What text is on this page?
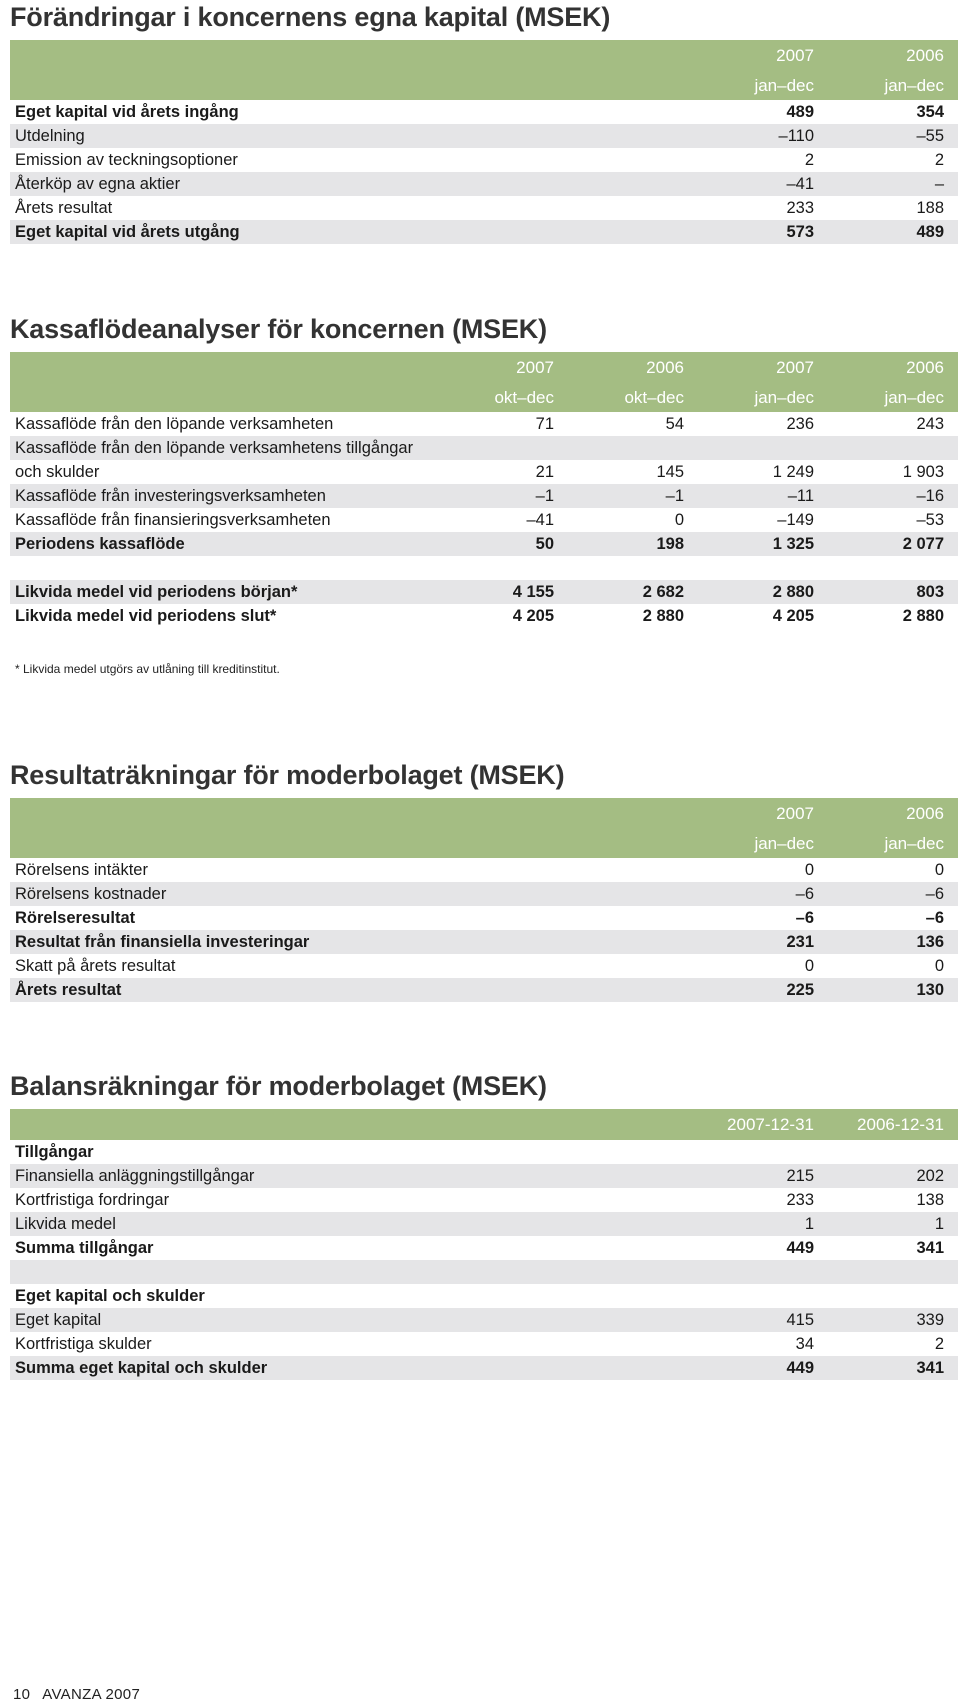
Förändringar i koncernens egna kapital (MSEK)
	2007	2006
	jan–dec	jan–dec
Eget kapital vid årets ingång	489	354
Utdelning	–110	–55
Emission av teckningsoptioner	2	2
Återköp av egna aktier	–41	–
Årets resultat	233	188
Eget kapital vid årets utgång	573	489
Kassaflödeanalyser för koncernen (MSEK)
	2007	2006	2007	2006
	okt–dec	okt–dec	jan–dec	jan–dec
Kassaflöde från den löpande verksamheten	71	54	236	243
Kassaflöde från den löpande verksamhetens tillgångar				
och skulder	21	145	1 249	1 903
Kassaflöde från investeringsverksamheten	–1	–1	–11	–16
Kassaflöde från finansieringsverksamheten	–41	0	–149	–53
Periodens kassaflöde	50	198	1 325	2 077

Likvida medel vid periodens början*	4 155	2 682	2 880	803
Likvida medel vid periodens slut*	4 205	2 880	4 205	2 880
* Likvida medel utgörs av utlåning till kreditinstitut.
Resultaträkningar för moderbolaget (MSEK)
	2007	2006
	jan–dec	jan–dec
Rörelsens intäkter	0	0
Rörelsens kostnader	–6	–6
Rörelseresultat	–6	–6
Resultat från finansiella investeringar	231	136
Skatt på årets resultat	0	0
Årets resultat	225	130
Balansräkningar för moderbolaget (MSEK)
	2007-12-31	2006-12-31
Tillgångar		
Finansiella anläggningstillgångar	215	202
Kortfristiga fordringar	233	138
Likvida medel	1	1
Summa tillgångar	449	341

Eget kapital och skulder		
Eget kapital	415	339
Kortfristiga skulder	34	2
Summa eget kapital och skulder	449	341
10 AVANZA 2007
